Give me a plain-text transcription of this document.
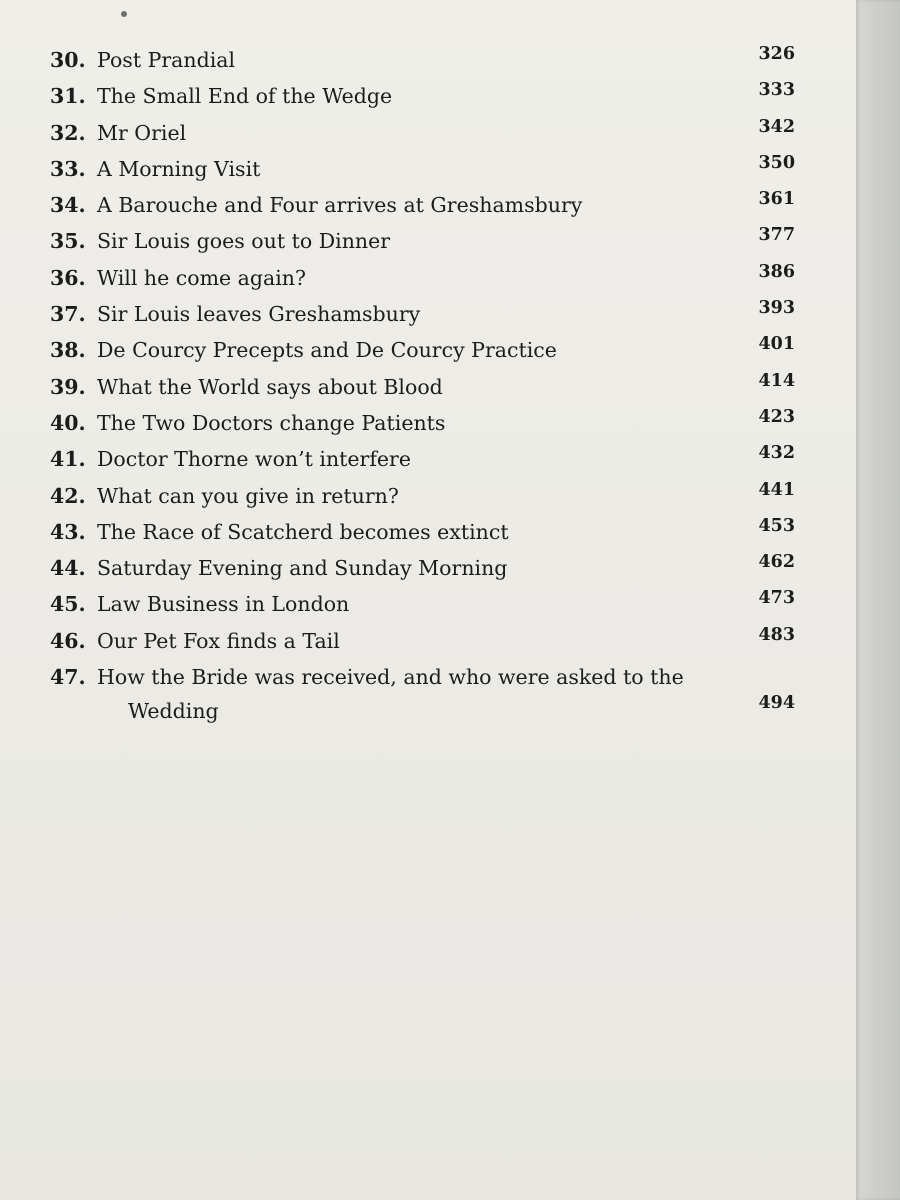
30. Post Prandial	326
31. The Small End of the Wedge	333
32. Mr Oriel	342
33. A Morning Visit	350
34. A Barouche and Four arrives at Greshamsbury	361
35. Sir Louis goes out to Dinner	377
36. Will he come again?	386
37. Sir Louis leaves Greshamsbury	393
38. De Courcy Precepts and De Courcy Practice	401
39. What the World says about Blood	414
40. The Two Doctors change Patients	423
41. Doctor Thorne won’t interfere	432
42. What can you give in return?	441
43. The Race of Scatcherd becomes extinct	453
44. Saturday Evening and Sunday Morning	462
45. Law Business in London	473
46. Our Pet Fox finds a Tail	483
47. How the Bride was received, and who were asked to the
Wedding	494
